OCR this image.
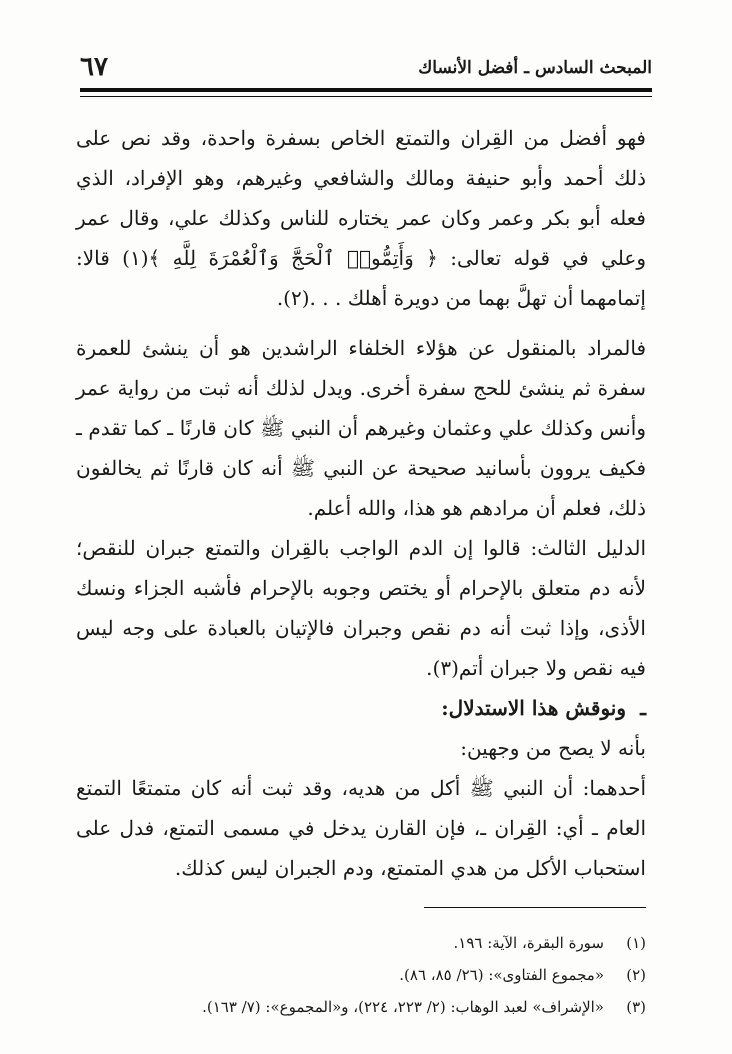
٦٧	المبحث السادس ـ أفضل الأنساك

فهو أفضل من القِران والتمتع الخاص بسفرة واحدة، وقد نص على ذلك أحمد وأبو حنيفة ومالك والشافعي وغيرهم، وهو الإفراد، الذي فعله أبو بكر وعمر وكان عمر يختاره للناس وكذلك علي، وقال عمر وعلي في قوله تعالى: ﴿ وَأَتِمُّوا۟ ٱلْحَجَّ وَٱلْعُمْرَةَ لِلَّهِ ﴾(١) قالا: إتمامهما أن تهلَّ بهما من دويرة أهلك . . .(٢).

فالمراد بالمنقول عن هؤلاء الخلفاء الراشدين هو أن ينشئ للعمرة سفرة ثم ينشئ للحج سفرة أخرى. ويدل لذلك أنه ثبت من رواية عمر وأنس وكذلك علي وعثمان وغيرهم أن النبي ﷺ كان قارنًا ـ كما تقدم ـ فكيف يروون بأسانيد صحيحة عن النبي ﷺ أنه كان قارنًا ثم يخالفون ذلك، فعلم أن مرادهم هو هذا، والله أعلم.

الدليل الثالث: قالوا إن الدم الواجب بالقِران والتمتع جبران للنقص؛ لأنه دم متعلق بالإحرام أو يختص وجوبه بالإحرام فأشبه الجزاء ونسك الأذى، وإذا ثبت أنه دم نقص وجبران فالإتيان بالعبادة على وجه ليس فيه نقص ولا جبران أتم(٣).

ـونوقش هذا الاستدلال:

بأنه لا يصح من وجهين:

أحدهما: أن النبي ﷺ أكل من هديه، وقد ثبت أنه كان متمتعًا التمتع العام ـ أي: القِران ـ، فإن القارن يدخل في مسمى التمتع، فدل على استحباب الأكل من هدي المتمتع، ودم الجبران ليس كذلك.

(١)سورة البقرة، الآية: ١٩٦.
(٢)«مجموع الفتاوى»: (٢٦/ ٨٥، ٨٦).
(٣)«الإشراف» لعبد الوهاب: (٢/ ٢٢٣، ٢٢٤)، و«المجموع»: (٧/ ١٦٣).
